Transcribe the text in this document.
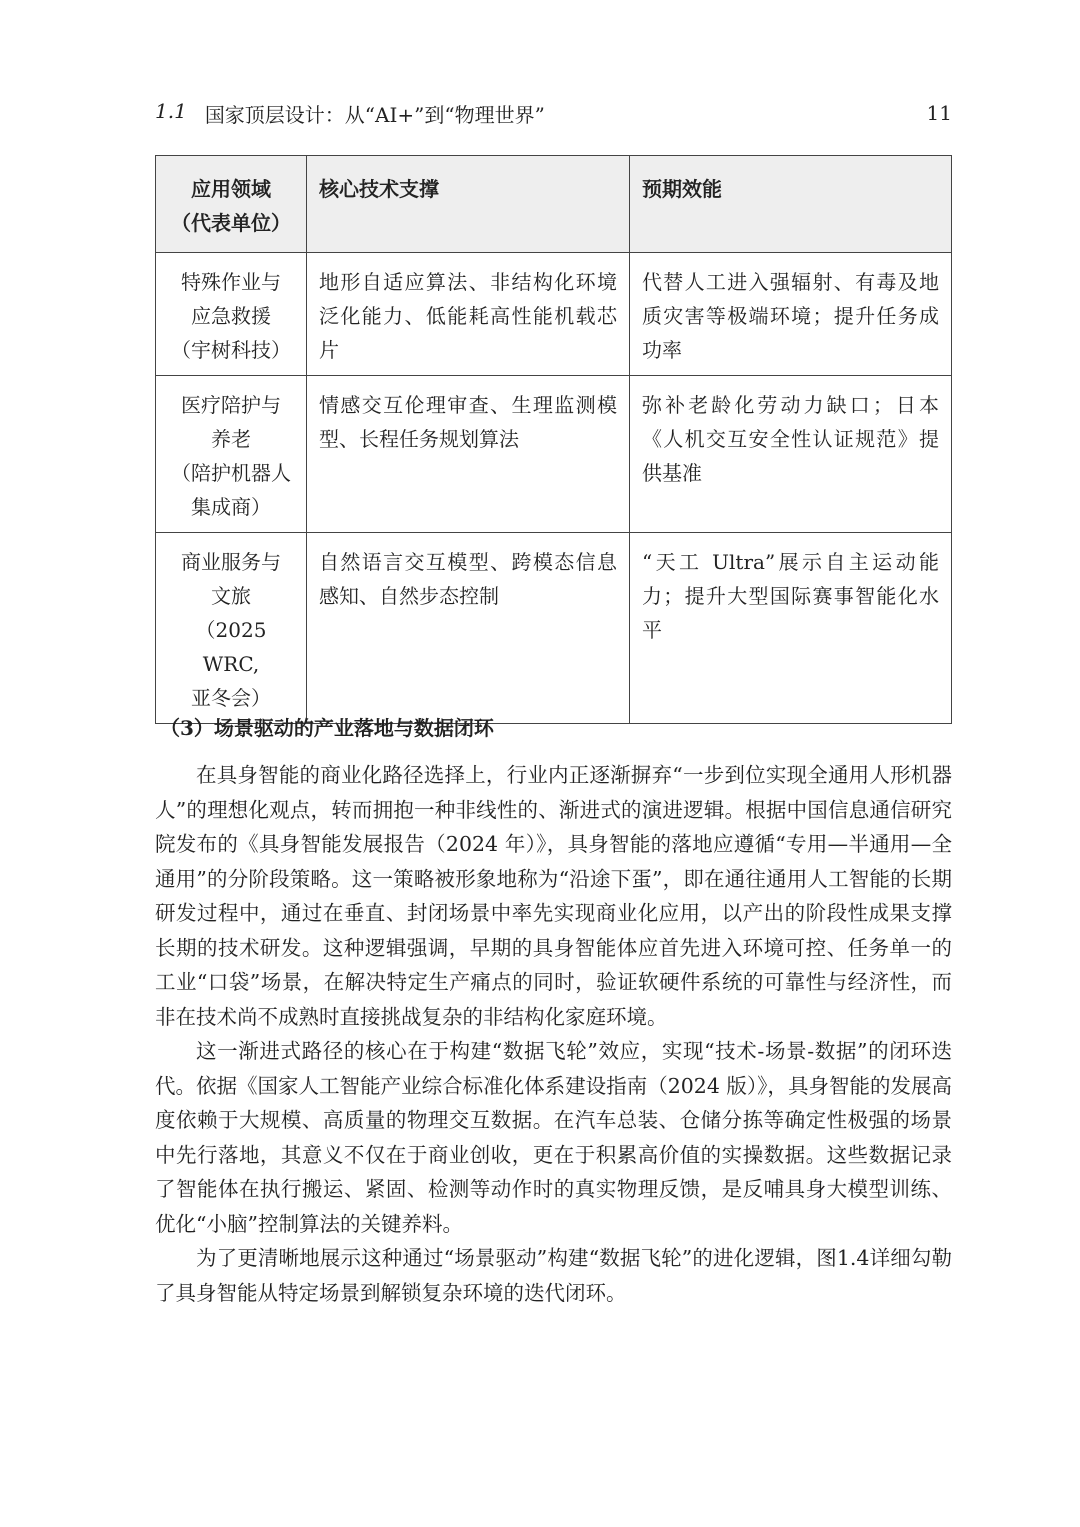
1.1 国家顶层设计：从“AI+”到“物理世界”	11
应用领域
（代表单位）	核心技术支撑	预期效能

特殊作业与
应急救援
（宇树科技）	地形自适应算法、非结构化环境泛化能力、低能耗高性能机载芯片	代替人工进入强辐射、有毒及地质灾害等极端环境；提升任务成功率

医疗陪护与
养老
（陪护机器人
集成商）	情感交互伦理审查、生理监测模型、长程任务规划算法	弥补老龄化劳动力缺口；日本《人机交互安全性认证规范》提供基准

商业服务与
文旅
（2025 WRC,
亚冬会）	自然语言交互模型、跨模态信息感知、自然步态控制	“天工 Ultra”展示自主运动能力；提升大型国际赛事智能化水平
（3）场景驱动的产业落地与数据闭环

在具身智能的商业化路径选择上，行业内正逐渐摒弃“一步到位实现全通用人形机器人”的理想化观点，转而拥抱一种非线性的、渐进式的演进逻辑。根据中国信息通信研究院发布的《具身智能发展报告（2024 年）》，具身智能的落地应遵循“专用—半通用—全通用”的分阶段策略。这一策略被形象地称为“沿途下蛋”，即在通往通用人工智能的长期研发过程中，通过在垂直、封闭场景中率先实现商业化应用，以产出的阶段性成果支撑长期的技术研发。这种逻辑强调，早期的具身智能体应首先进入环境可控、任务单一的工业“口袋”场景，在解决特定生产痛点的同时，验证软硬件系统的可靠性与经济性，而非在技术尚不成熟时直接挑战复杂的非结构化家庭环境。

这一渐进式路径的核心在于构建“数据飞轮”效应，实现“技术-场景-数据”的闭环迭代。依据《国家人工智能产业综合标准化体系建设指南（2024 版）》，具身智能的发展高度依赖于大规模、高质量的物理交互数据。在汽车总装、仓储分拣等确定性极强的场景中先行落地，其意义不仅在于商业创收，更在于积累高价值的实操数据。这些数据记录了智能体在执行搬运、紧固、检测等动作时的真实物理反馈，是反哺具身大模型训练、优化“小脑”控制算法的关键养料。

为了更清晰地展示这种通过“场景驱动”构建“数据飞轮”的进化逻辑，图1.4详细勾勒了具身智能从特定场景到解锁复杂环境的迭代闭环。
